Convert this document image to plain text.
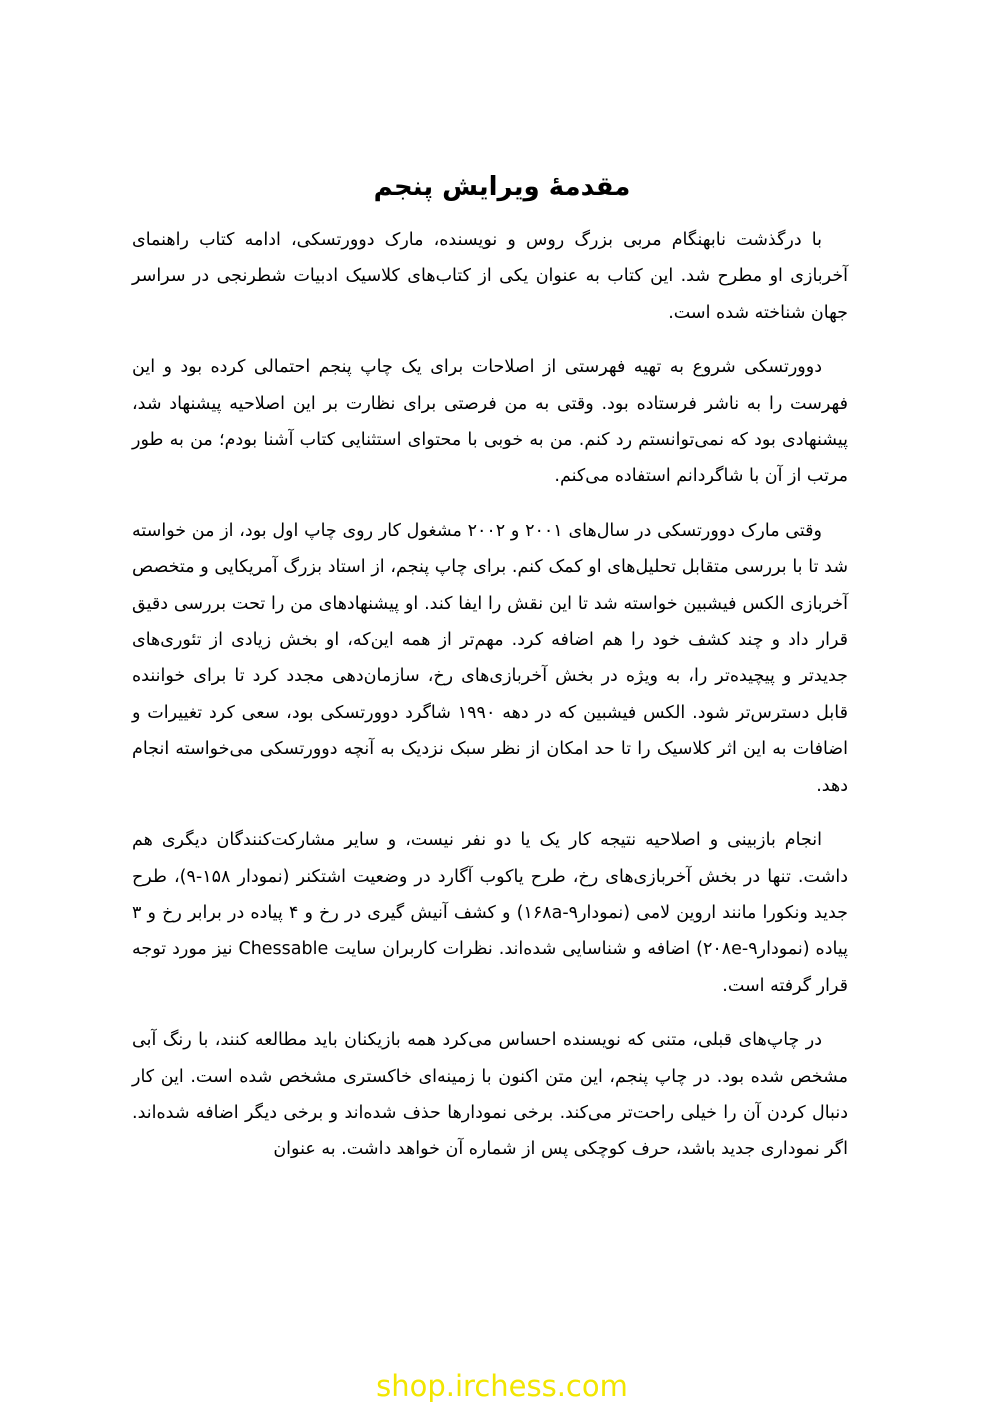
مقدمهٔ ویرایش پنجم

با درگذشت نابهنگام مربی بزرگ روس و نویسنده، مارک دوورتسکی، ادامه کتاب راهنمای آخربازی او مطرح شد. این کتاب به عنوان یکی از کتاب‌های کلاسیک ادبیات شطرنجی در سراسر جهان شناخته شده است.

دوورتسکی شروع به تهیه فهرستی از اصلاحات برای یک چاپ پنجم احتمالی کرده بود و این فهرست را به ناشر فرستاده بود. وقتی به من فرصتی برای نظارت بر این اصلاحیه پیشنهاد شد، پیشنهادی بود که نمی‌توانستم رد کنم. من به خوبی با محتوای استثنایی کتاب آشنا بودم؛ من به طور مرتب از آن با شاگردانم استفاده می‌کنم.

وقتی مارک دوورتسکی در سال‌های ۲۰۰۱ و ۲۰۰۲ مشغول کار روی چاپ اول بود، از من خواسته شد تا با بررسی متقابل تحلیل‌های او کمک کنم. برای چاپ پنجم، از استاد بزرگ آمریکایی و متخصص آخربازی الکس فیشبین خواسته شد تا این نقش را ایفا کند. او پیشنهادهای من را تحت بررسی دقیق قرار داد و چند کشف خود را هم اضافه کرد. مهم‌تر از همه این‌که، او بخش زیادی از تئوری‌های جدیدتر و پیچیده‌تر را، به ویژه در بخش آخربازی‌های رخ، سازمان‌دهی مجدد کرد تا برای خواننده قابل دسترس‌تر شود. الکس فیشبین که در دهه ۱۹۹۰ شاگرد دوورتسکی بود، سعی کرد تغییرات و اضافات به این اثر کلاسیک را تا حد امکان از نظر سبک نزدیک به آنچه دوورتسکی می‌خواسته انجام دهد.

انجام بازبینی و اصلاحیه نتیجه کار یک یا دو نفر نیست، و سایر مشارکت‌کنندگان دیگری هم داشت. تنها در بخش آخربازی‌های رخ، طرح یاکوب آگارد در وضعیت اشتکنر (نمودار ۱۵۸-۹)، طرح جدید ونکورا مانند اروین لامی (نمودار۱۶۸a-۹) و کشف آنیش گیری در رخ و ۴ پیاده در برابر رخ و ۳ پیاده (نمودار۲۰۸e-۹) اضافه و شناسایی شده‌اند. نظرات کاربران سایت Chessable نیز مورد توجه قرار گرفته است.

در چاپ‌های قبلی، متنی که نویسنده احساس می‌کرد همه بازیکنان باید مطالعه کنند، با رنگ آبی مشخص شده بود. در چاپ پنجم، این متن اکنون با زمینه‌ای خاکستری مشخص شده است. این کار دنبال کردن آن را خیلی راحت‌تر می‌کند. برخی نمودارها حذف شده‌اند و برخی دیگر اضافه شده‌اند. اگر نموداری جدید باشد، حرف کوچکی پس از شماره آن خواهد داشت. به عنوان

shop.irchess.com
